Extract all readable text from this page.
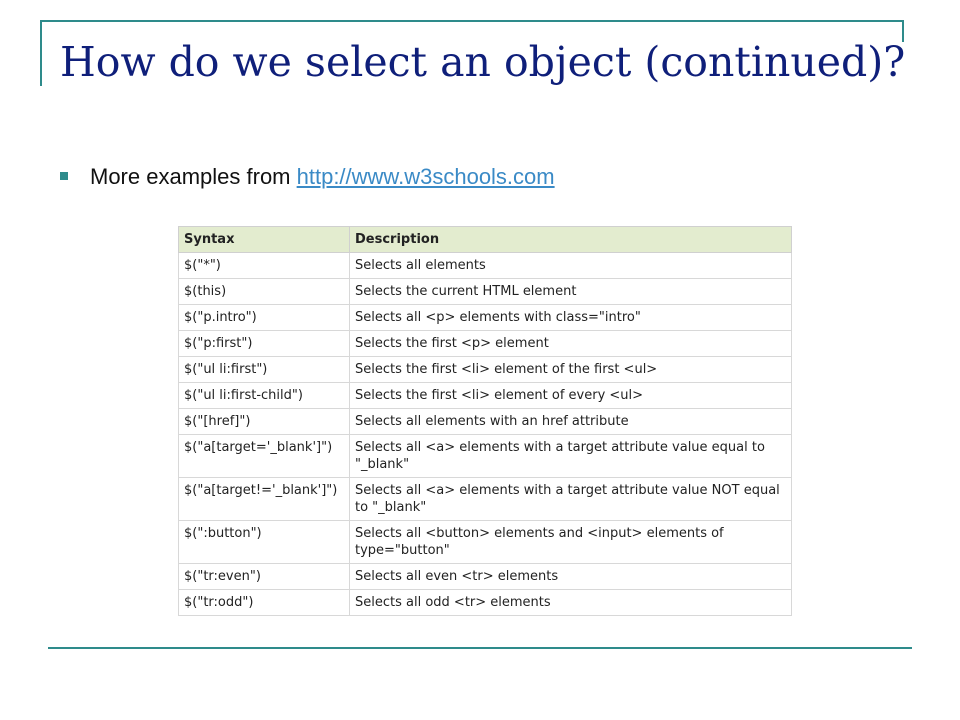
How do we select an object (continued)?
More examples from http://www.w3schools.com
Syntax	Description
$("*")	Selects all elements
$(this)	Selects the current HTML element
$("p.intro")	Selects all <p> elements with class="intro"
$("p:first")	Selects the first <p> element
$("ul li:first")	Selects the first <li> element of the first <ul>
$("ul li:first-child")	Selects the first <li> element of every <ul>
$("[href]")	Selects all elements with an href attribute
$("a[target='_blank']")	Selects all <a> elements with a target attribute value equal to "_blank"
$("a[target!='_blank']")	Selects all <a> elements with a target attribute value NOT equal to "_blank"
$(":button")	Selects all <button> elements and <input> elements of type="button"
$("tr:even")	Selects all even <tr> elements
$("tr:odd")	Selects all odd <tr> elements
